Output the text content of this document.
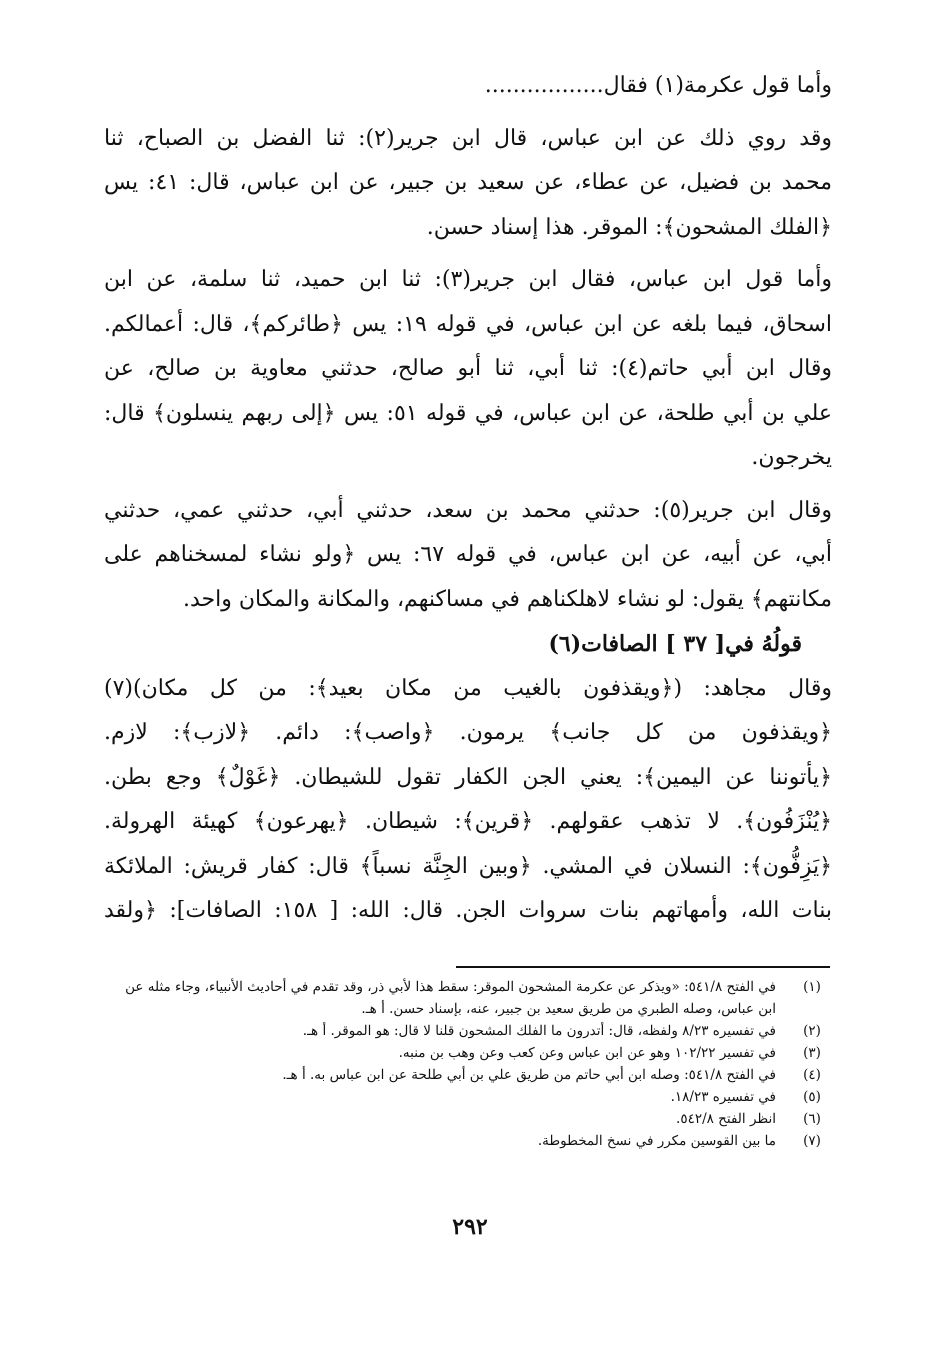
وأما قول عكرمة(١) فقال.................
وقد روي ذلك عن ابن عباس، قال ابن جرير(٢): ثنا الفضل بن الصباح، ثنا
محمد بن فضيل، عن عطاء، عن سعيد بن جبير، عن ابن عباس، قال: ٤١: يس
﴿الفلك المشحون﴾: الموقر. هذا إسناد حسن.
وأما قول ابن عباس، فقال ابن جرير(٣): ثنا ابن حميد، ثنا سلمة، عن ابن
اسحاق، فيما بلغه عن ابن عباس، في قوله ١٩: يس ﴿طائركم﴾، قال: أعمالكم.
وقال ابن أبي حاتم(٤): ثنا أبي، ثنا أبو صالح، حدثني معاوية بن صالح، عن
علي بن أبي طلحة، عن ابن عباس، في قوله ٥١: يس ﴿إلى ربهم ينسلون﴾ قال:
يخرجون.
وقال ابن جرير(٥): حدثني محمد بن سعد، حدثني أبي، حدثني عمي، حدثني
أبي، عن أبيه، عن ابن عباس، في قوله ٦٧: يس ﴿ولو نشاء لمسخناهم على
مكانتهم﴾ يقول: لو نشاء لاهلكناهم في مساكنهم، والمكانة والمكان واحد.
قولُهُ في[ ٣٧ ] الصافات(٦)
وقال مجاهد: (﴿ويقذفون بالغيب من مكان بعيد﴾: من كل مكان)(٧)
﴿ويقذفون من كل جانب﴾ يرمون. ﴿واصب﴾: دائم. ﴿لازب﴾: لازم.
﴿يأتوننا عن اليمين﴾: يعني الجن الكفار تقول للشيطان. ﴿غَوْلٌ﴾ وجع بطن.
﴿يُنْزَفُون﴾. لا تذهب عقولهم. ﴿قرين﴾: شيطان. ﴿يهرعون﴾ كهيئة الهرولة.
﴿يَزِفُّون﴾: النسلان في المشي. ﴿وبين الجِنَّة نسباً﴾ قال: كفار قريش: الملائكة
بنات الله، وأمهاتهم بنات سروات الجن. قال: الله: [ ١٥٨: الصافات]: ﴿ولقد
(١)
في الفتح ٥٤١/٨: «ويذكر عن عكرمة المشحون الموقر: سقط هذا لأبي ذر، وقد تقدم في أحاديث الأنبياء، وجاء مثله عن ابن عباس، وصله الطبري من طريق سعيد بن جبير، عنه، بإسناد حسن. أ هـ.
(٢)
في تفسيره ٨/٢٣ ولفظه، قال: أتدرون ما الفلك المشحون قلنا لا قال: هو الموقر. أ هـ.
(٣)
في تفسير ١٠٢/٢٢ وهو عن ابن عباس وعن كعب وعن وهب بن منبه.
(٤)
في الفتح ٥٤١/٨: وصله ابن أبي حاتم من طريق علي بن أبي طلحة عن ابن عباس به. أ هـ.
(٥)
في تفسيره ١٨/٢٣.
(٦)
انظر الفتح ٥٤٢/٨.
(٧)
ما بين القوسين مكرر في نسخ المخطوطة.
٢٩٢
